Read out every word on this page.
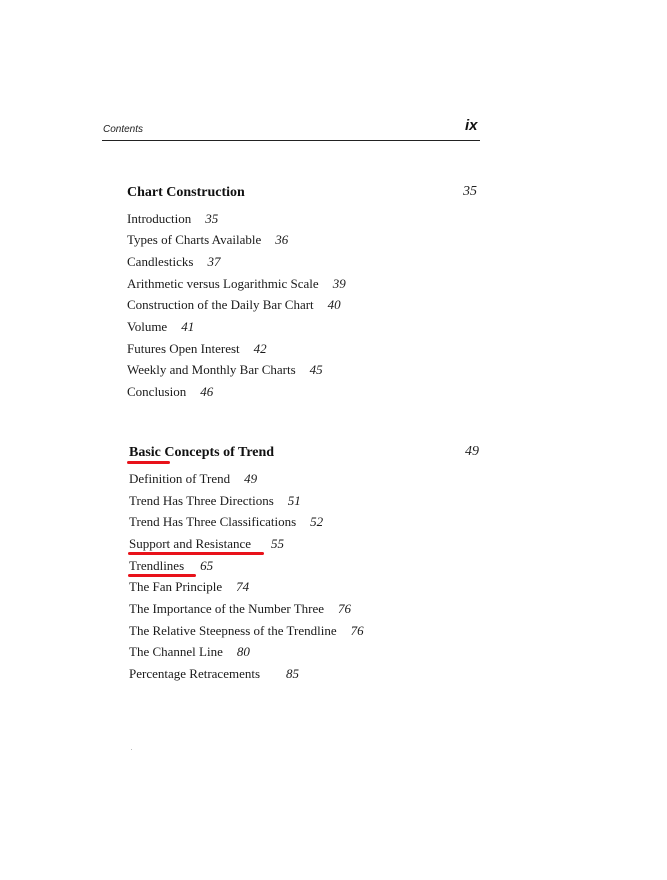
Contents	ix
Chart Construction	35
Introduction 35
Types of Charts Available 36
Candlesticks 37
Arithmetic versus Logarithmic Scale 39
Construction of the Daily Bar Chart 40
Volume 41
Futures Open Interest 42
Weekly and Monthly Bar Charts 45
Conclusion 46
Basic Concepts of Trend	49
Definition of Trend 49
Trend Has Three Directions 51
Trend Has Three Classifications 52
Support and Resistance 55
Trendlines 65
The Fan Principle 74
The Importance of the Number Three 76
The Relative Steepness of the Trendline 76
The Channel Line 80
Percentage Retracements 85
